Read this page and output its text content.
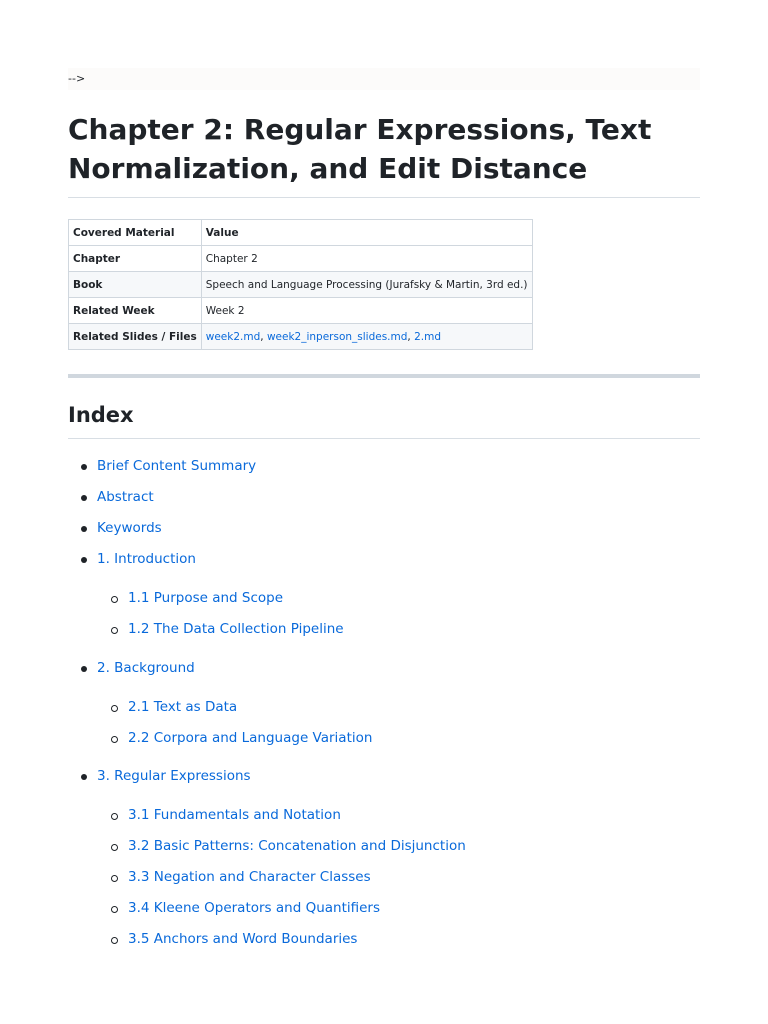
-->
Chapter 2: Regular Expressions, Text Normalization, and Edit Distance
Covered Material	Value
Chapter	Chapter 2
Book	Speech and Language Processing (Jurafsky & Martin, 3rd ed.)
Related Week	Week 2
Related Slides / Files	week2.md, week2_inperson_slides.md, 2.md
Index
Brief Content Summary
Abstract
Keywords
1. Introduction
1.1 Purpose and Scope
1.2 The Data Collection Pipeline
2. Background
2.1 Text as Data
2.2 Corpora and Language Variation
3. Regular Expressions
3.1 Fundamentals and Notation
3.2 Basic Patterns: Concatenation and Disjunction
3.3 Negation and Character Classes
3.4 Kleene Operators and Quantifiers
3.5 Anchors and Word Boundaries
